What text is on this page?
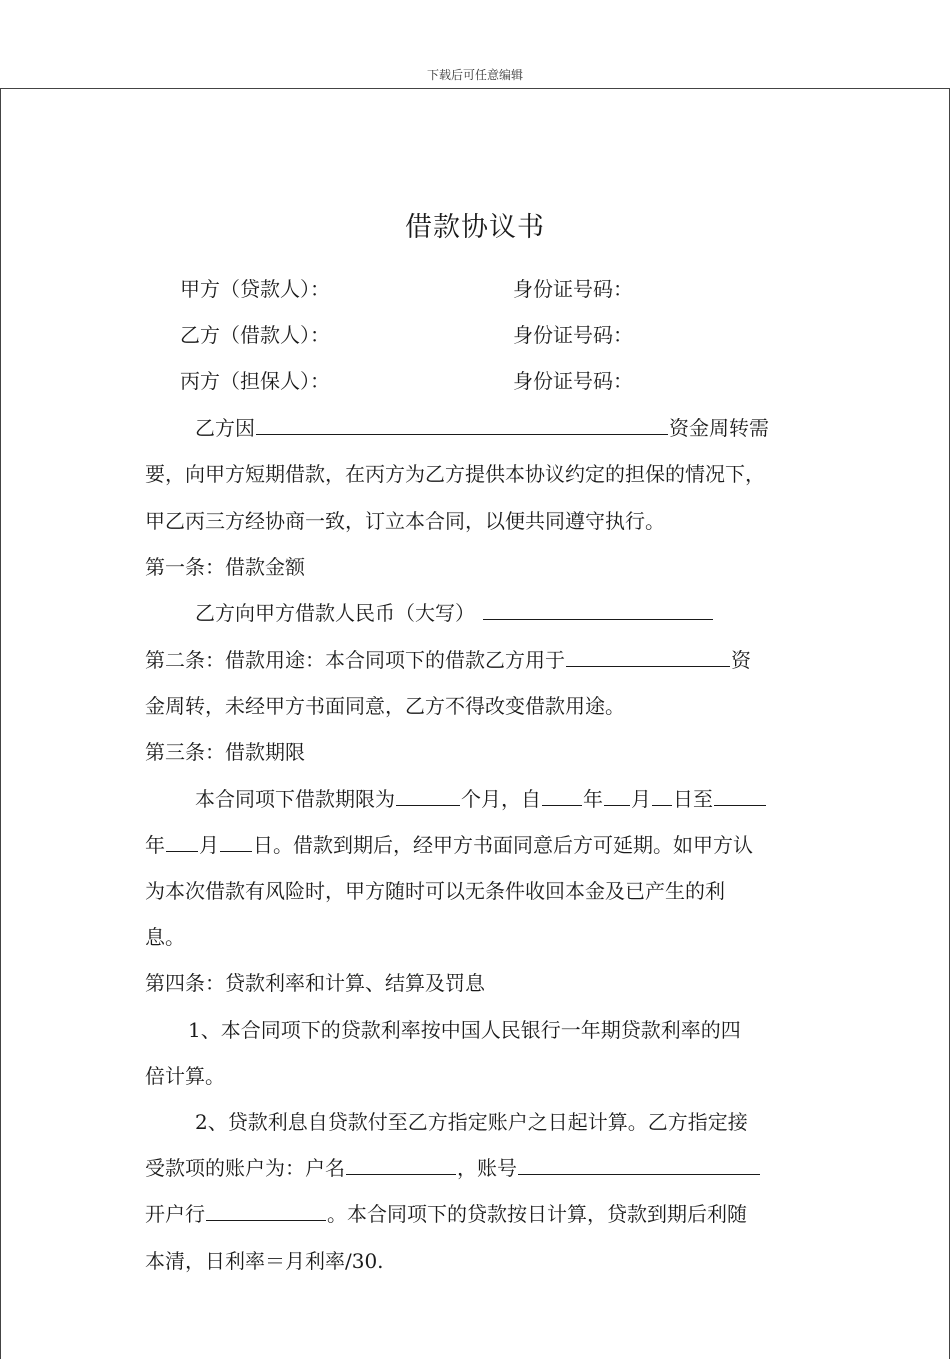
下载后可任意编辑
借款协议书
甲方（贷款人）：	身份证号码：
乙方（借款人）：	身份证号码：
丙方（担保人）：	身份证号码：
乙方因	资金周转需
要，向甲方短期借款，在丙方为乙方提供本协议约定的担保的情况下，
甲乙丙三方经协商一致，订立本合同，以便共同遵守执行。
第一条：借款金额
乙方向甲方借款人民币（大写）
第二条：借款用途：本合同项下的借款乙方用于	资
金周转，未经甲方书面同意，乙方不得改变借款用途。
第三条：借款期限
本合同项下借款期限为	个月，自 年 月 日至
年 月 日。借款到期后，经甲方书面同意后方可延期。如甲方认
为本次借款有风险时，甲方随时可以无条件收回本金及已产生的利
息。
第四条：贷款利率和计算、结算及罚息
1、本合同项下的贷款利率按中国人民银行一年期贷款利率的四
倍计算。
2、贷款利息自贷款付至乙方指定账户之日起计算。乙方指定接
受款项的账户为：户名	，账号
开户行	。本合同项下的贷款按日计算，贷款到期后利随
本清，日利率＝月利率/30.
